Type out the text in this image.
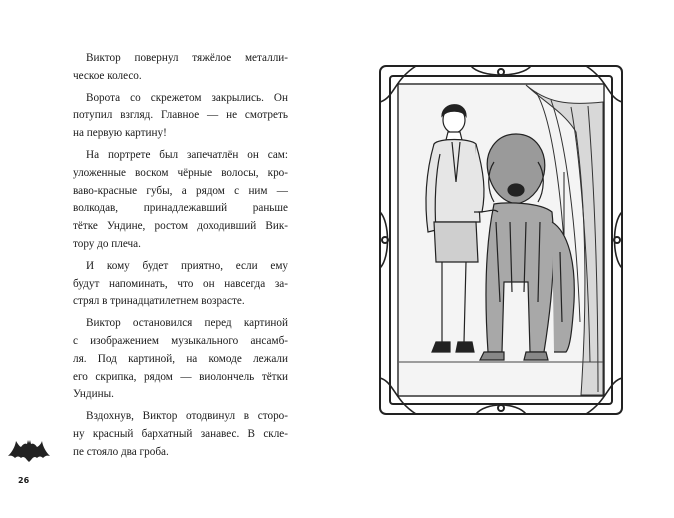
Виктор повернул тяжёлое металли-
ческое колесо.

Ворота со скрежетом закрылись. Он
потупил взгляд. Главное — не смотреть
на первую картину!

На портрете был запечатлён он сам:
уложенные воском чёрные волосы, кро-
ваво-красные губы, а рядом с ним —
волкодав, принадлежавший раньше
тётке Ундине, ростом доходивший Вик-
тору до плеча.

И кому будет приятно, если ему
будут напоминать, что он навсегда за-
стрял в тринадцатилетнем возрасте.

Виктор остановился перед картиной
с изображением музыкального ансамб-
ля. Под картиной, на комоде лежали
его скрипка, рядом — виолончель тётки
Ундины.

Вздохнув, Виктор отодвинул в сторо-
ну красный бархатный занавес. В скле-
пе стояло два гроба.

26
